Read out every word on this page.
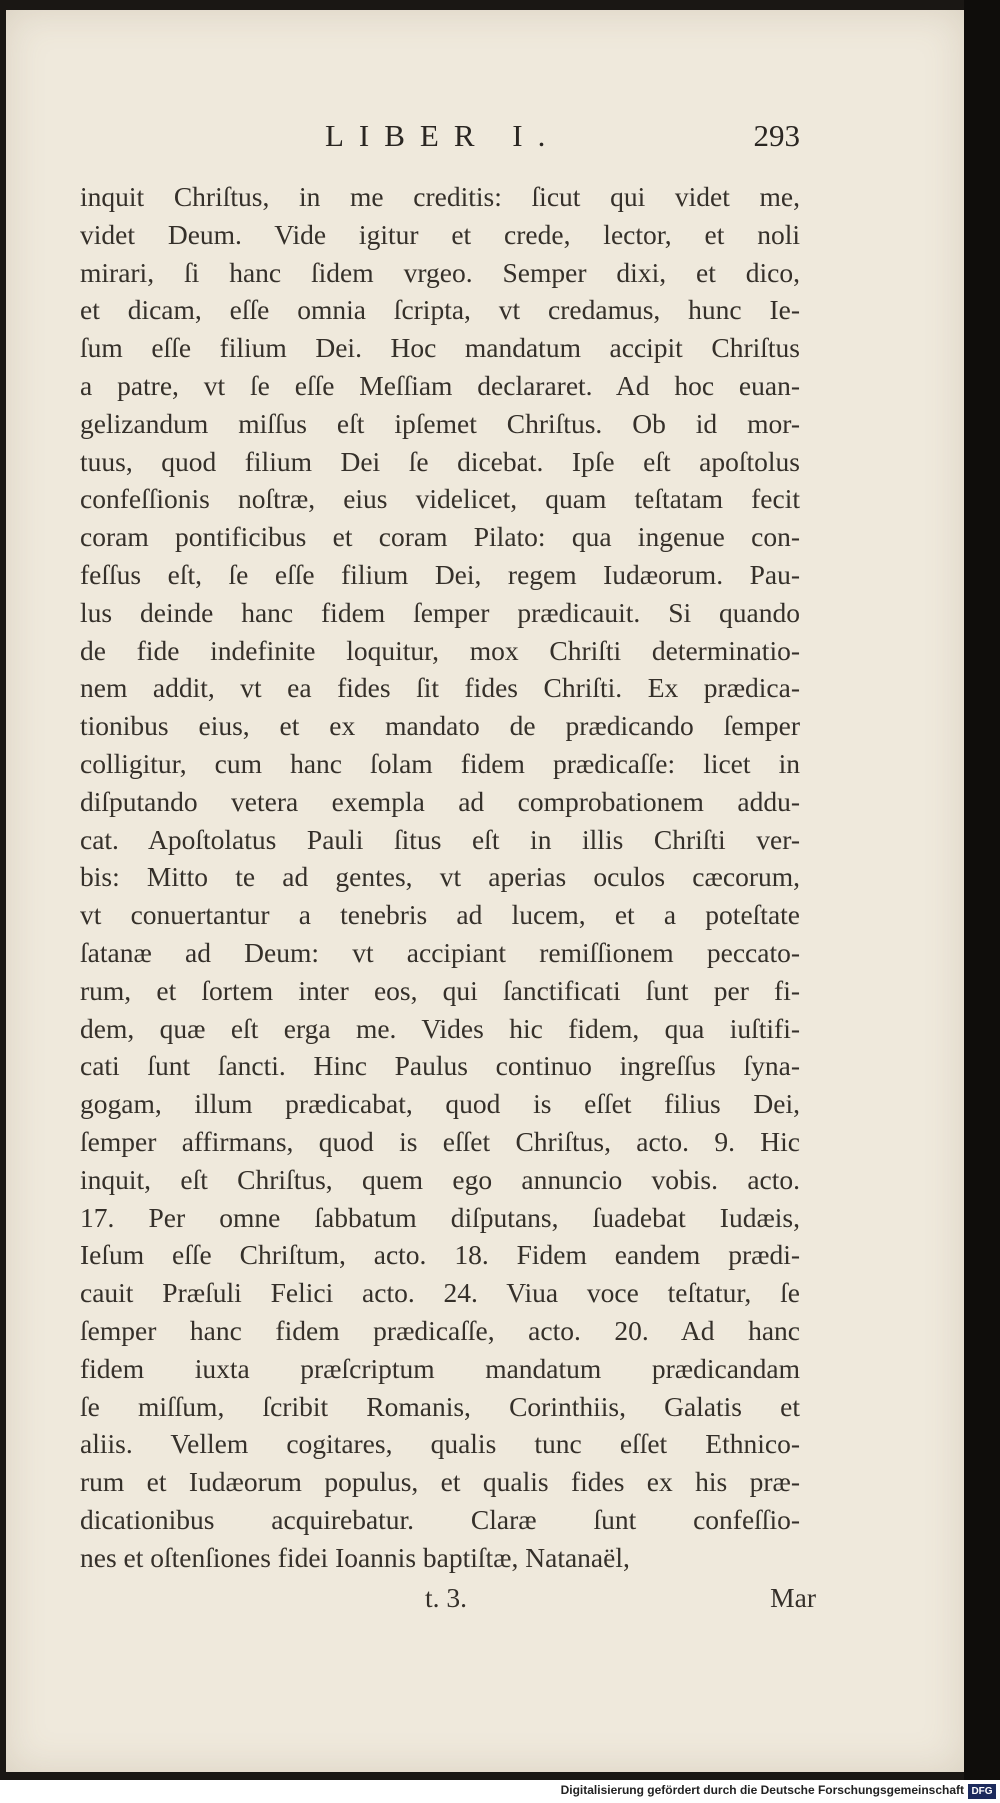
LIBER I.	293
inquit Chriſtus, in me creditis: ſicut qui videt me,
videt Deum. Vide igitur et crede, lector, et noli
mirari, ſi hanc ſidem vrgeo. Semper dixi, et dico,
et dicam, eſſe omnia ſcripta, vt credamus, hunc Ie-
ſum eſſe filium Dei. Hoc mandatum accipit Chriſtus
a patre, vt ſe eſſe Meſſiam declararet. Ad hoc euan-
gelizandum miſſus eſt ipſemet Chriſtus. Ob id mor-
tuus, quod filium Dei ſe dicebat. Ipſe eſt apoſtolus
confeſſionis noſtræ, eius videlicet, quam teſtatam fecit
coram pontificibus et coram Pilato: qua ingenue con-
feſſus eſt, ſe eſſe filium Dei, regem Iudæorum. Pau-
lus deinde hanc fidem ſemper prædicauit. Si quando
de fide indefinite loquitur, mox Chriſti determinatio-
nem addit, vt ea fides ſit fides Chriſti. Ex prædica-
tionibus eius, et ex mandato de prædicando ſemper
colligitur, cum hanc ſolam fidem prædicaſſe: licet in
diſputando vetera exempla ad comprobationem addu-
cat. Apoſtolatus Pauli ſitus eſt in illis Chriſti ver-
bis: Mitto te ad gentes, vt aperias oculos cæcorum,
vt conuertantur a tenebris ad lucem, et a poteſtate
ſatanæ ad Deum: vt accipiant remiſſionem peccato-
rum, et ſortem inter eos, qui ſanctificati ſunt per fi-
dem, quæ eſt erga me. Vides hic fidem, qua iuſtifi-
cati ſunt ſancti. Hinc Paulus continuo ingreſſus ſyna-
gogam, illum prædicabat, quod is eſſet filius Dei,
ſemper affirmans, quod is eſſet Chriſtus, acto. 9. Hic
inquit, eſt Chriſtus, quem ego annuncio vobis. acto.
17. Per omne ſabbatum diſputans, ſuadebat Iudæis,
Ieſum eſſe Chriſtum, acto. 18. Fidem eandem prædi-
cauit Præſuli Felici acto. 24. Viua voce teſtatur, ſe
ſemper hanc fidem prædicaſſe, acto. 20. Ad hanc
fidem iuxta præſcriptum mandatum prædicandam
ſe miſſum, ſcribit Romanis, Corinthiis, Galatis et
aliis. Vellem cogitares, qualis tunc eſſet Ethnico-
rum et Iudæorum populus, et qualis fides ex his præ-
dicationibus acquirebatur. Claræ ſunt confeſſio-
nes et oſtenſiones fidei Ioannis baptiſtæ, Natanaël,
t. 3.	Mar
Digitalisierung gefördert durch die Deutsche Forschungsgemeinschaft DFG
